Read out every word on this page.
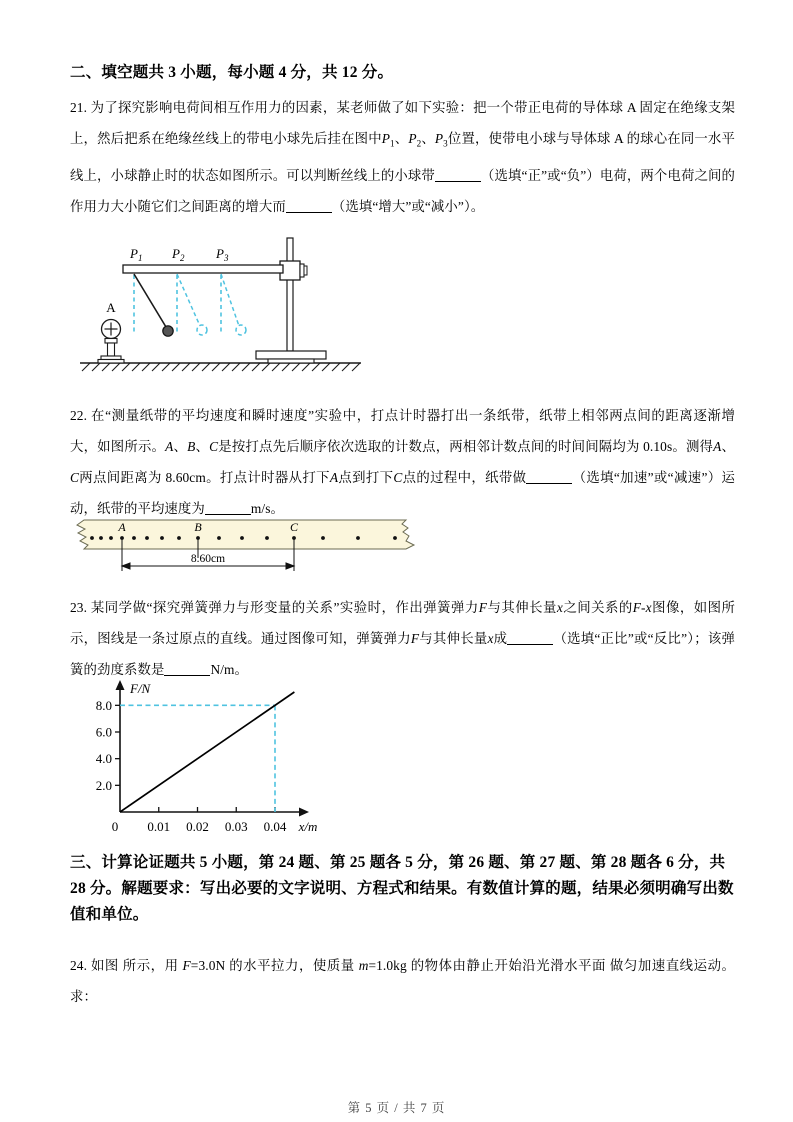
二、填空题共 3 小题，每小题 4 分，共 12 分。
21. 为了探究影响电荷间相互作用力的因素，某老师做了如下实验：把一个带正电荷的导体球 A 固定在绝缘支架上，然后把系在绝缘丝线上的带电小球先后挂在图中$P_1$、$P_2$、$P_3$位置，使带电小球与导体球 A 的球心在同一水平线上，小球静止时的状态如图所示。可以判断丝线上的小球带	（选填“正”或“负”）电荷，两个电荷之间的作用力大小随它们之间距离的增大而	（选填“增大”或“减小”）。
A
$P_1$ $P_2$ $P_3$
22. 在“测量纸带的平均速度和瞬时速度”实验中，打点计时器打出一条纸带，纸带上相邻两点间的距离逐渐增大，如图所示。A、B、C是按打点先后顺序依次选取的计数点，两相邻计数点间的时间间隔均为 0.10s。测得A、C两点间距离为 8.60cm。打点计时器从打下A点到打下C点的过程中，纸带做	（选填“加速”或“减速”）运动，纸带的平均速度为	m/s。
A	B	C
8.60cm
23. 某同学做“探究弹簧弹力与形变量的关系”实验时，作出弹簧弹力F与其伸长量x之间关系的F-x图像，如图所示，图线是一条过原点的直线。通过图像可知，弹簧弹力F与其伸长量x成	（选填“正比”或“反比”）；该弹簧的劲度系数是	N/m。
F/N
x/m
2.0
4.0
6.0
8.0
0 0.01 0.02 0.03 0.04
三、计算论证题共 5 小题，第 24 题、第 25 题各 5 分，第 26 题、第 27 题、第 28 题各 6 分，共 28 分。解题要求：写出必要的文字说明、方程式和结果。有数值计算的题，结果必须明确写出数值和单位。
24. 如图 所示，用 F=3.0N 的水平拉力，使质量 m=1.0kg 的物体由静止开始沿光滑水平面 做匀加速直线运动。求：
第 5 页 / 共 7 页
